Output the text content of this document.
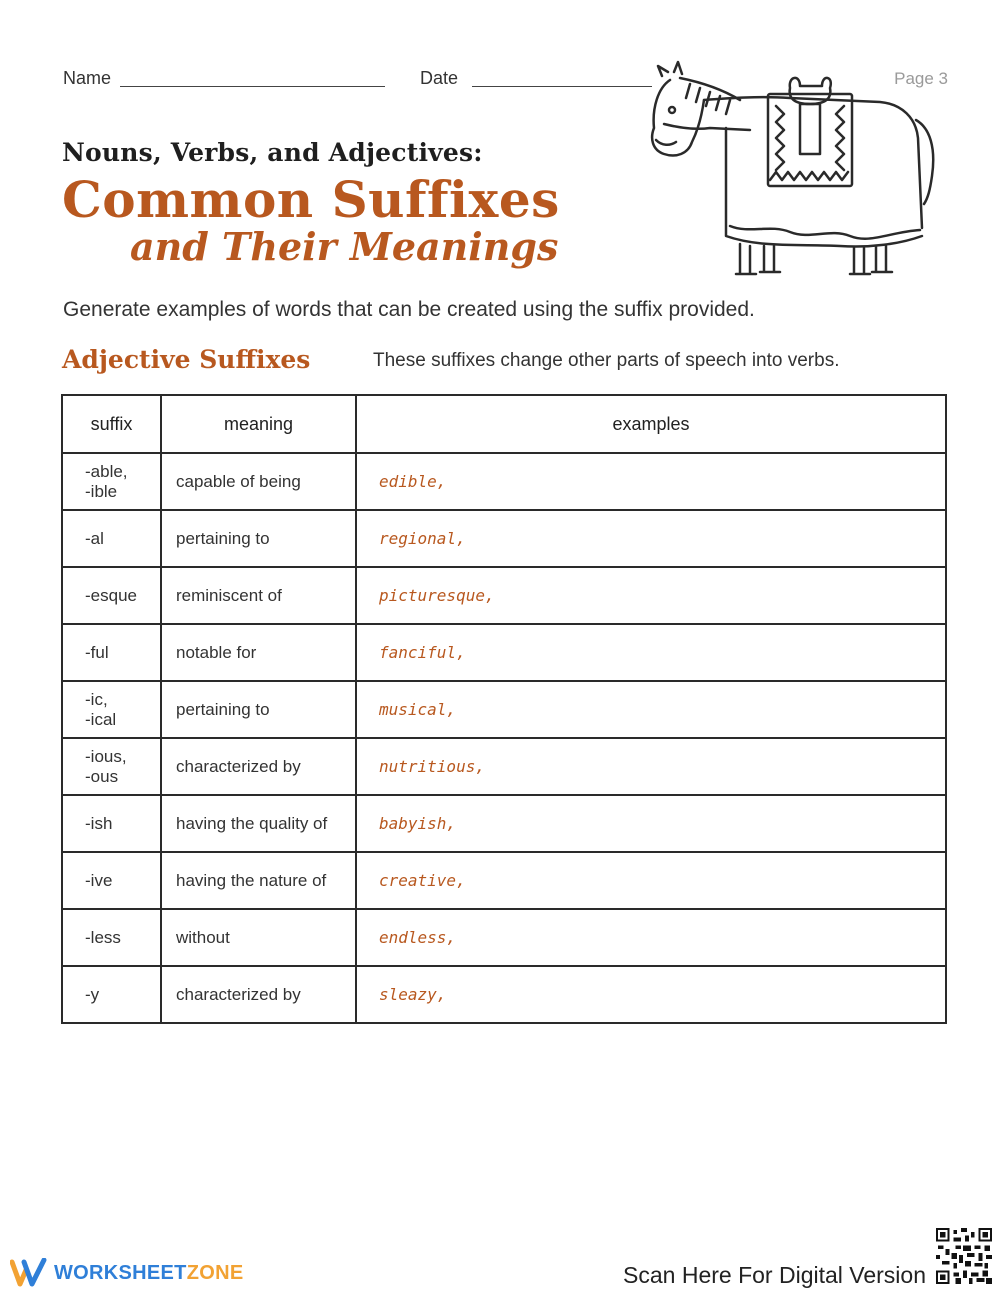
Name	Date	Page 3
Nouns, Verbs, and Adjectives:
Common Suffixes
and Their Meanings
Generate examples of words that can be created using the suffix provided.
Adjective Suffixes	These suffixes change other parts of speech into verbs.
suffix	meaning	examples
-able,
-ible	capable of being	edible,
-al	pertaining to	regional,
-esque	reminiscent of	picturesque,
-ful	notable for	fanciful,
-ic,
-ical	pertaining to	musical,
-ious,
-ous	characterized by	nutritious,
-ish	having the quality of	babyish,
-ive	having the nature of	creative,
-less	without	endless,
-y	characterized by	sleazy,
WORKSHEETZONE	Scan Here For Digital Version
